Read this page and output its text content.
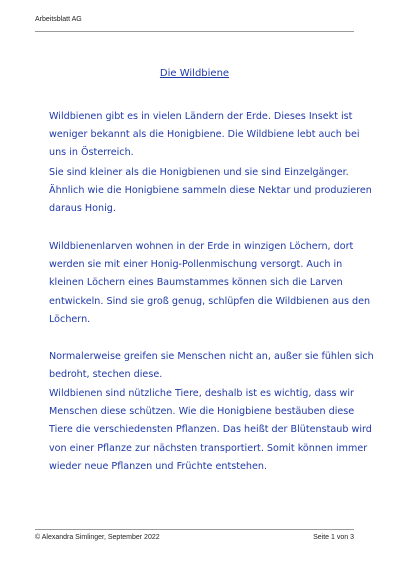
Arbeitsblatt AG
Die Wildbiene

Wildbienen gibt es in vielen Ländern der Erde. Dieses Insekt ist weniger bekannt als die Honigbiene. Die Wildbiene lebt auch bei uns in Österreich.

Sie sind kleiner als die Honigbienen und sie sind Einzelgänger. Ähnlich wie die Honigbiene sammeln diese Nektar und produzieren daraus Honig.

Wildbienenlarven wohnen in der Erde in winzigen Löchern, dort werden sie mit einer Honig-Pollenmischung versorgt. Auch in kleinen Löchern eines Baumstammes können sich die Larven entwickeln. Sind sie groß genug, schlüpfen die Wildbienen aus den Löchern.

Normalerweise greifen sie Menschen nicht an, außer sie fühlen sich bedroht, stechen diese.

Wildbienen sind nützliche Tiere, deshalb ist es wichtig, dass wir Menschen diese schützen. Wie die Honigbiene bestäuben diese Tiere die verschiedensten Pflanzen. Das heißt der Blütenstaub wird von einer Pflanze zur nächsten transportiert. Somit können immer wieder neue Pflanzen und Früchte entstehen.

© Alexandra Simlinger, September 2022	Seite 1 von 3
